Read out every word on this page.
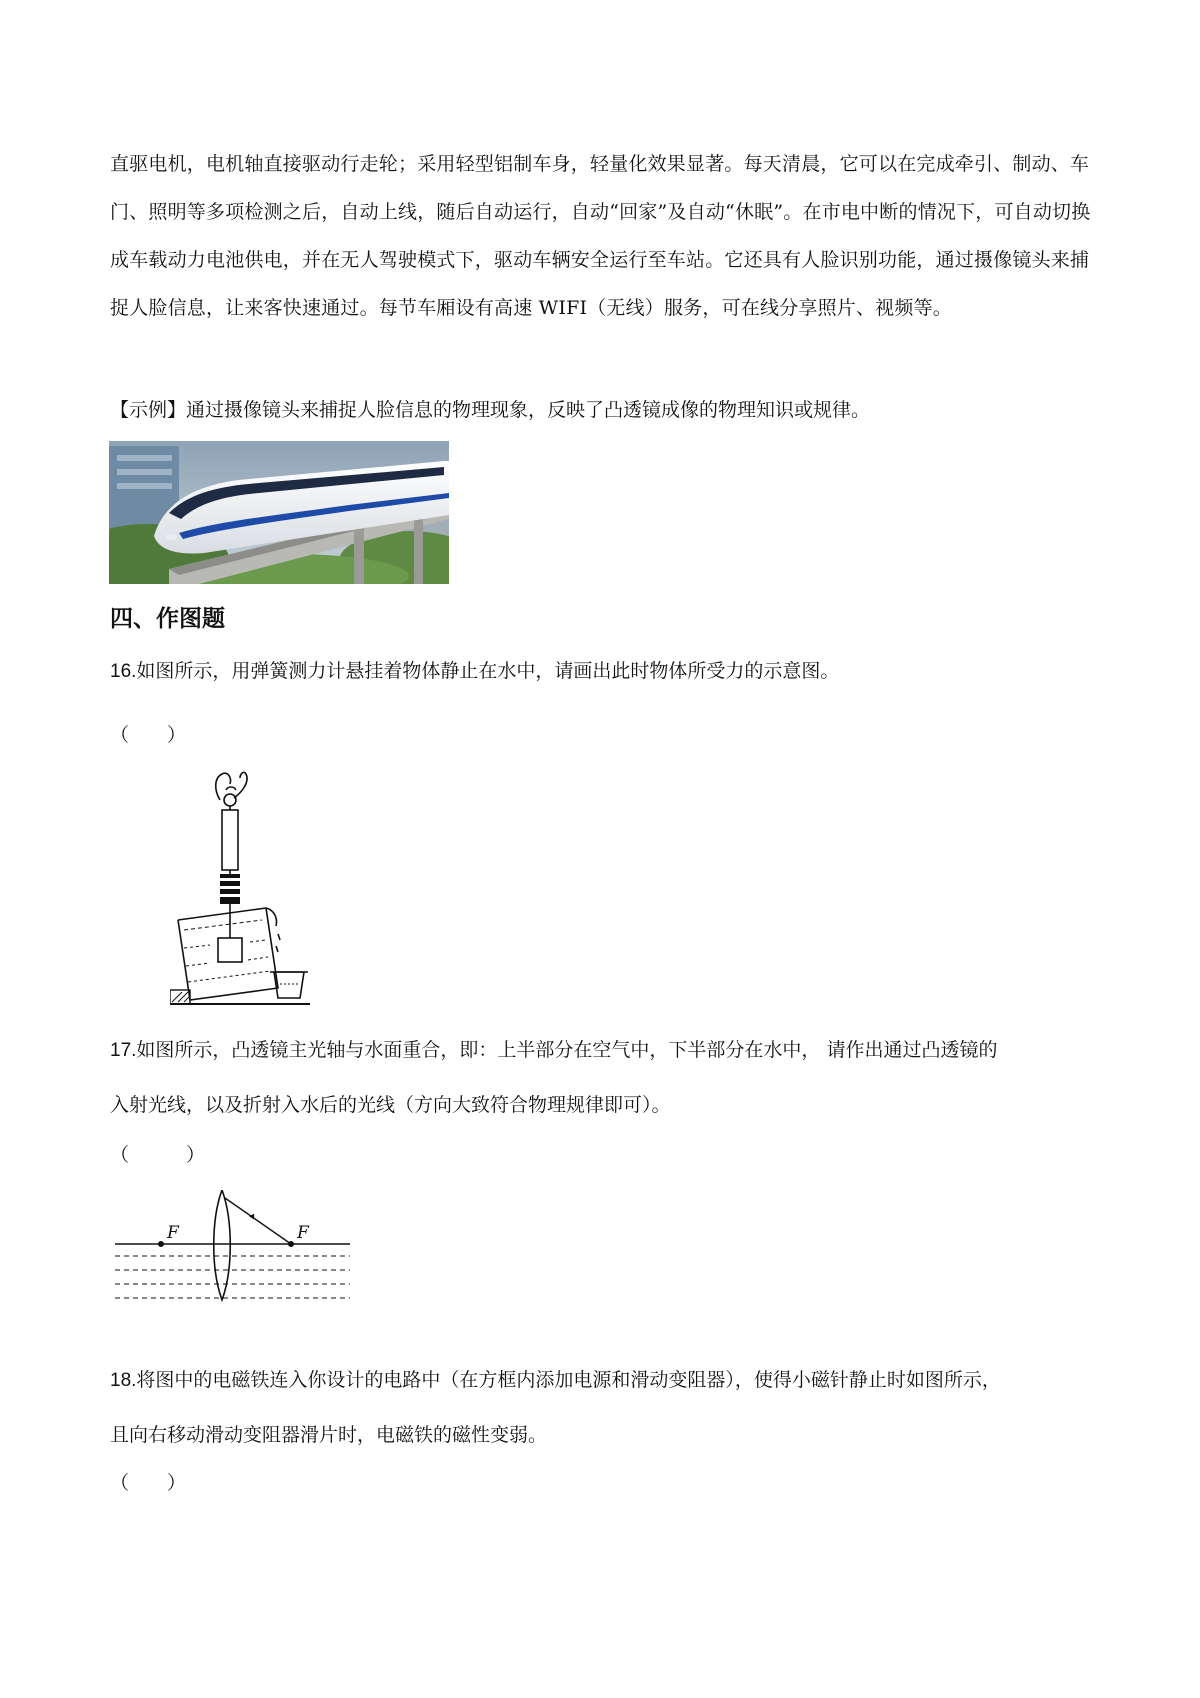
直驱电机，电机轴直接驱动行走轮；采用轻型铝制车身，轻量化效果显著。每天清晨，它可以在完成牵引、制动、车门、照明等多项检测之后，自动上线，随后自动运行，自动“回家”及自动“休眠”。在市电中断的情况下，可自动切换成车载动力电池供电，并在无人驾驶模式下，驱动车辆安全运行至车站。它还具有人脸识别功能，通过摄像镜头来捕捉人脸信息，让来客快速通过。每节车厢设有高速 WIFI（无线）服务，可在线分享照片、视频等。

【示例】通过摄像镜头来捕捉人脸信息的物理现象，反映了凸透镜成像的物理知识或规律。

四、作图题

16.如图所示，用弹簧测力计悬挂着物体静止在水中，请画出此时物体所受力的示意图。

（　　）

17.如图所示，凸透镜主光轴与水面重合，即：上半部分在空气中，下半部分在水中， 请作出通过凸透镜的

入射光线，以及折射入水后的光线（方向大致符合物理规律即可）。

（　　　）

F	F

18.将图中的电磁铁连入你设计的电路中（在方框内添加电源和滑动变阻器），使得小磁针静止时如图所示，

且向右移动滑动变阻器滑片时，电磁铁的磁性变弱。

（　　）
